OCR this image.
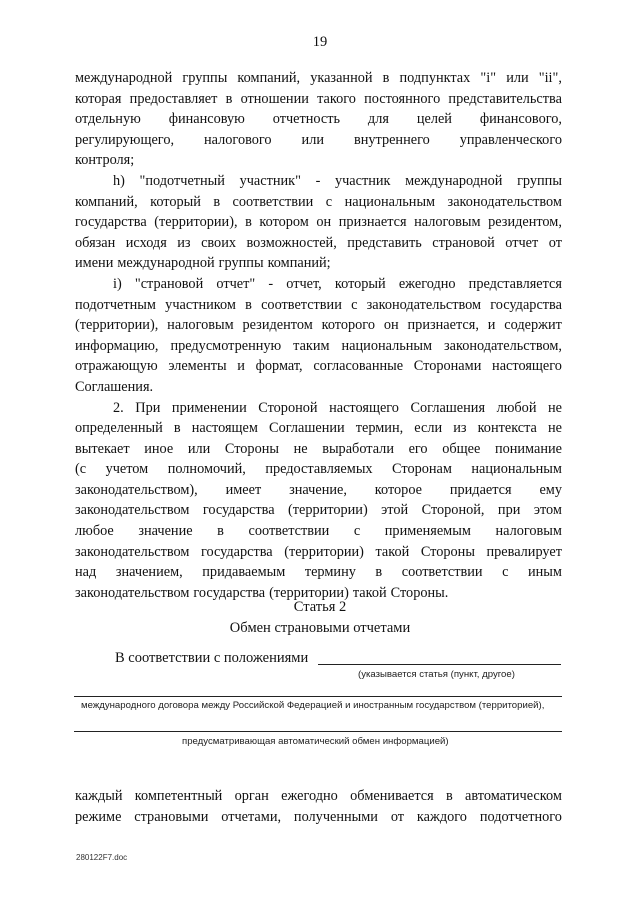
19
международной группы компаний, указанной в подпунктах "i" или "ii",
которая предоставляет в отношении такого постоянного представительства
отдельную финансовую отчетность для целей финансового,
регулирующего, налогового или внутреннего управленческого
контроля;
h) "подотчетный участник" - участник международной группы
компаний, который в соответствии с национальным законодательством
государства (территории), в котором он признается налоговым резидентом,
обязан исходя из своих возможностей, представить страновой отчет от
имени международной группы компаний;
i) "страновой отчет" - отчет, который ежегодно представляется
подотчетным участником в соответствии с законодательством государства
(территории), налоговым резидентом которого он признается, и содержит
информацию, предусмотренную таким национальным законодательством,
отражающую элементы и формат, согласованные Сторонами настоящего
Соглашения.
2. При применении Стороной настоящего Соглашения любой не
определенный в настоящем Соглашении термин, если из контекста не
вытекает иное или Стороны не выработали его общее понимание
(с учетом полномочий, предоставляемых Сторонам национальным
законодательством), имеет значение, которое придается ему
законодательством государства (территории) этой Стороной, при этом
любое значение в соответствии с применяемым налоговым
законодательством государства (территории) такой Стороны превалирует
над значением, придаваемым термину в соответствии с иным
законодательством государства (территории) такой Стороны.
Статья 2
Обмен страновыми отчетами
В соответствии с положениями
(указывается статья (пункт, другое)
международного договора между Российской Федерацией и иностранным государством (территорией),
предусматривающая автоматический обмен информацией)
каждый компетентный орган ежегодно обменивается в автоматическом
режиме страновыми отчетами, полученными от каждого подотчетного
280122F7.doc
